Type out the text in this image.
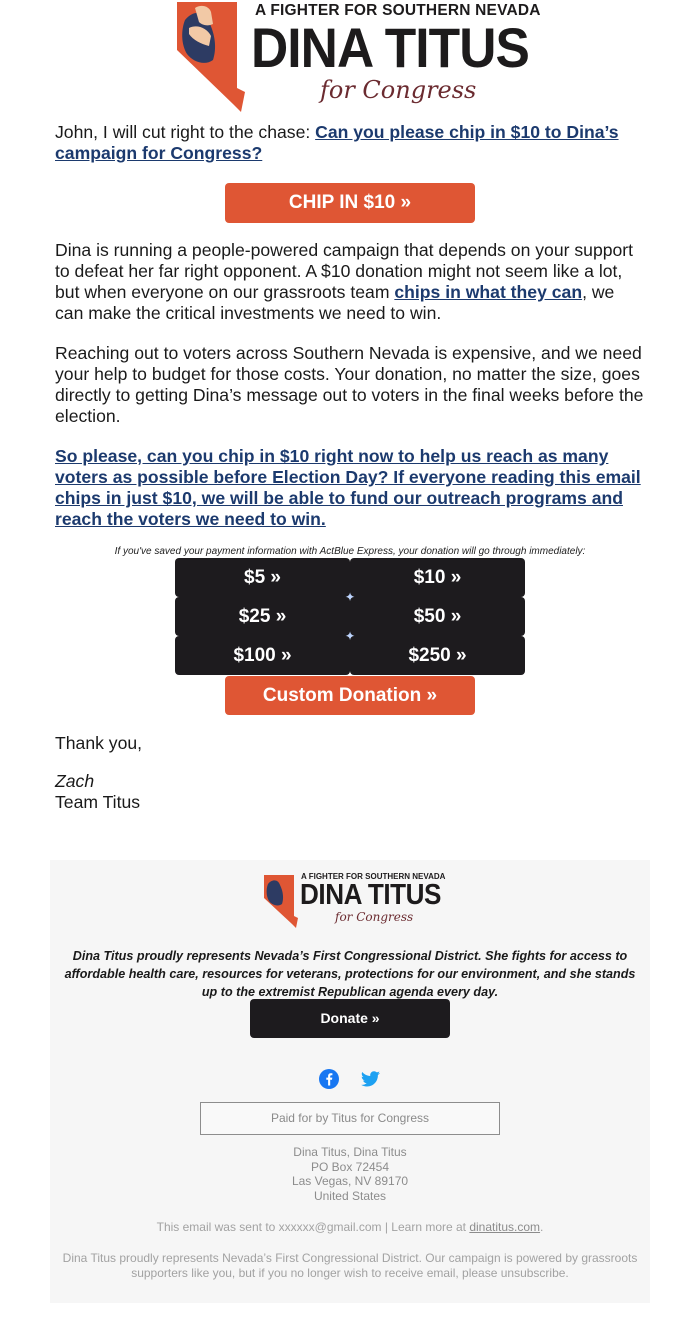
A FIGHTER FOR SOUTHERN NEVADA
DINA TITUS
for Congress
John, I will cut right to the chase: Can you please chip in $10 to Dina’s campaign for Congress?
CHIP IN $10 »
Dina is running a people-powered campaign that depends on your support to defeat her far right opponent. A $10 donation might not seem like a lot, but when everyone on our grassroots team chips in what they can, we can make the critical investments we need to win.
Reaching out to voters across Southern Nevada is expensive, and we need your help to budget for those costs. Your donation, no matter the size, goes directly to getting Dina’s message out to voters in the final weeks before the election.
So please, can you chip in $10 right now to help us reach as many voters as possible before Election Day? If everyone reading this email chips in just $10, we will be able to fund our outreach programs and reach the voters we need to win.
If you've saved your payment information with ActBlue Express, your donation will go through immediately:
$5 »	$10 »
$25 »	$50 »
$100 »	$250 »
✦
✦
Custom Donation »
Thank you,
Zach
Team Titus
A FIGHTER FOR SOUTHERN NEVADA
DINA TITUS
for Congress
Dina Titus proudly represents Nevada’s First Congressional District. She fights for access to affordable health care, resources for veterans, protections for our environment, and she stands up to the extremist Republican agenda every day.
Donate »
Paid for by Titus for Congress
Dina Titus, Dina Titus
PO Box 72454
Las Vegas, NV 89170
United States
This email was sent to xxxxxx@gmail.com | Learn more at dinatitus.com.
Dina Titus proudly represents Nevada’s First Congressional District. Our campaign is powered by grassroots supporters like you, but if you no longer wish to receive email, please unsubscribe.
